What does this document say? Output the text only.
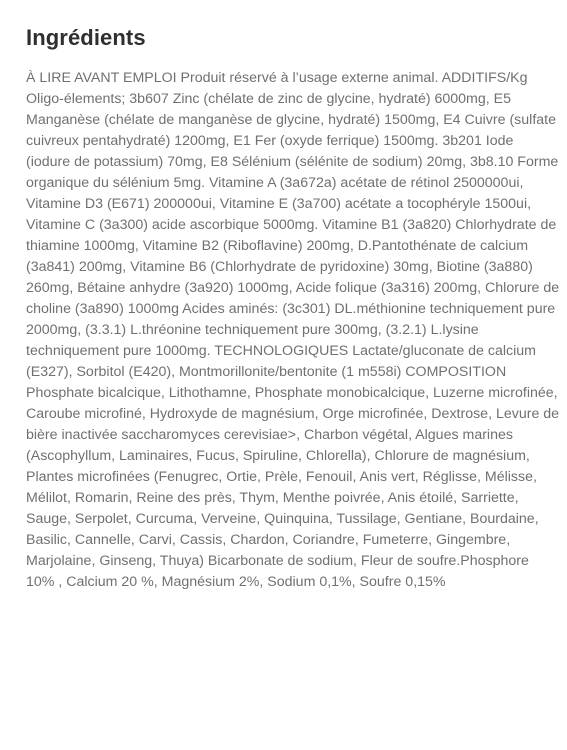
Ingrédients

À LIRE AVANT EMPLOI Produit réservé à l’usage externe animal. ADDITIFS/Kg Oligo-élements; 3b607 Zinc (chélate de zinc de glycine, hydraté) 6000mg, E5 Manganèse (chélate de manganèse de glycine, hydraté) 1500mg, E4 Cuivre (sulfate cuivreux pentahydraté) 1200mg, E1 Fer (oxyde ferrique) 1500mg. 3b201 Iode (iodure de potassium) 70mg, E8 Sélénium (sélénite de sodium) 20mg, 3b8.10 Forme organique du sélénium 5mg. Vitamine A (3a672a) acétate de rétinol 2500000ui, Vitamine D3 (E671) 200000ui, Vitamine E (3a700) acétate a tocophéryle 1500ui, Vitamine C (3a300) acide ascorbique 5000mg. Vitamine B1 (3a820) Chlorhydrate de thiamine 1000mg, Vitamine B2 (Riboflavine) 200mg, D.Pantothénate de calcium (3a841) 200mg, Vitamine B6 (Chlorhydrate de pyridoxine) 30mg, Biotine (3a880) 260mg, Bétaine anhydre (3a920) 1000mg, Acide folique (3a316) 200mg, Chlorure de choline (3a890) 1000mg Acides aminés: (3c301) DL.méthionine techniquement pure 2000mg, (3.3.1) L.thréonine techniquement pure 300mg, (3.2.1) L.lysine techniquement pure 1000mg. TECHNOLOGIQUES Lactate/gluconate de calcium (E327), Sorbitol (E420), Montmorillonite/bentonite (1 m558i) COMPOSITION Phosphate bicalcique, Lithothamne, Phosphate monobicalcique, Luzerne microfinée, Caroube microfiné, Hydroxyde de magnésium, Orge microfinée, Dextrose, Levure de bière inactivée saccharomyces cerevisiae>, Charbon végétal, Algues marines (Ascophyllum, Laminaires, Fucus, Spiruline, Chlorella), Chlorure de magnésium, Plantes microfinées (Fenugrec, Ortie, Prèle, Fenouil, Anis vert, Réglisse, Mélisse, Mélilot, Romarin, Reine des près, Thym, Menthe poivrée, Anis étoilé, Sarriette, Sauge, Serpolet, Curcuma, Verveine, Quinquina, Tussilage, Gentiane, Bourdaine, Basilic, Cannelle, Carvi, Cassis, Chardon, Coriandre, Fumeterre, Gingembre, Marjolaine, Ginseng, Thuya) Bicarbonate de sodium, Fleur de soufre.Phosphore 10% , Calcium 20 %, Magnésium 2%, Sodium 0,1%, Soufre 0,15%
